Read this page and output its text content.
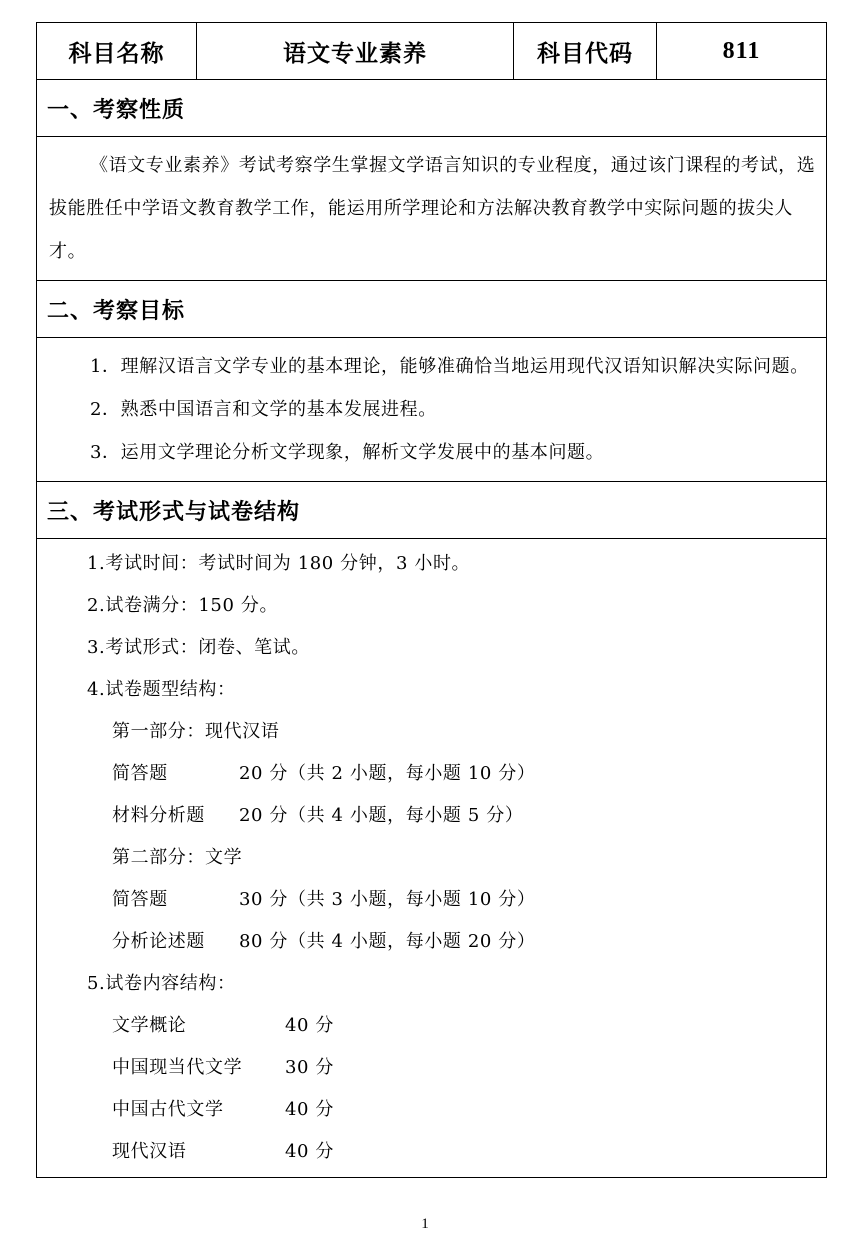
科目名称	语文专业素养	科目代码	811
一、考察性质

《语文专业素养》考试考察学生掌握文学语言知识的专业程度，通过该门课程的考试，选拔能胜任中学语文教育教学工作，能运用所学理论和方法解决教育教学中实际问题的拔尖人才。

二、考察目标

1．理解汉语言文学专业的基本理论，能够准确恰当地运用现代汉语知识解决实际问题。

2．熟悉中国语言和文学的基本发展进程。

3．运用文学理论分析文学现象，解析文学发展中的基本问题。

三、考试形式与试卷结构

1.考试时间：考试时间为 180 分钟，3 小时。
2.试卷满分：150 分。
3.考试形式：闭卷、笔试。
4.试卷题型结构：
第一部分：现代汉语
简答题	20 分（共 2 小题，每小题 10 分）
材料分析题	20 分（共 4 小题，每小题 5 分）
第二部分：文学
简答题	30 分（共 3 小题，每小题 10 分）
分析论述题	80 分（共 4 小题，每小题 20 分）
5.试卷内容结构：
文学概论	40 分
中国现当代文学	30 分
中国古代文学	40 分
现代汉语	40 分
1
